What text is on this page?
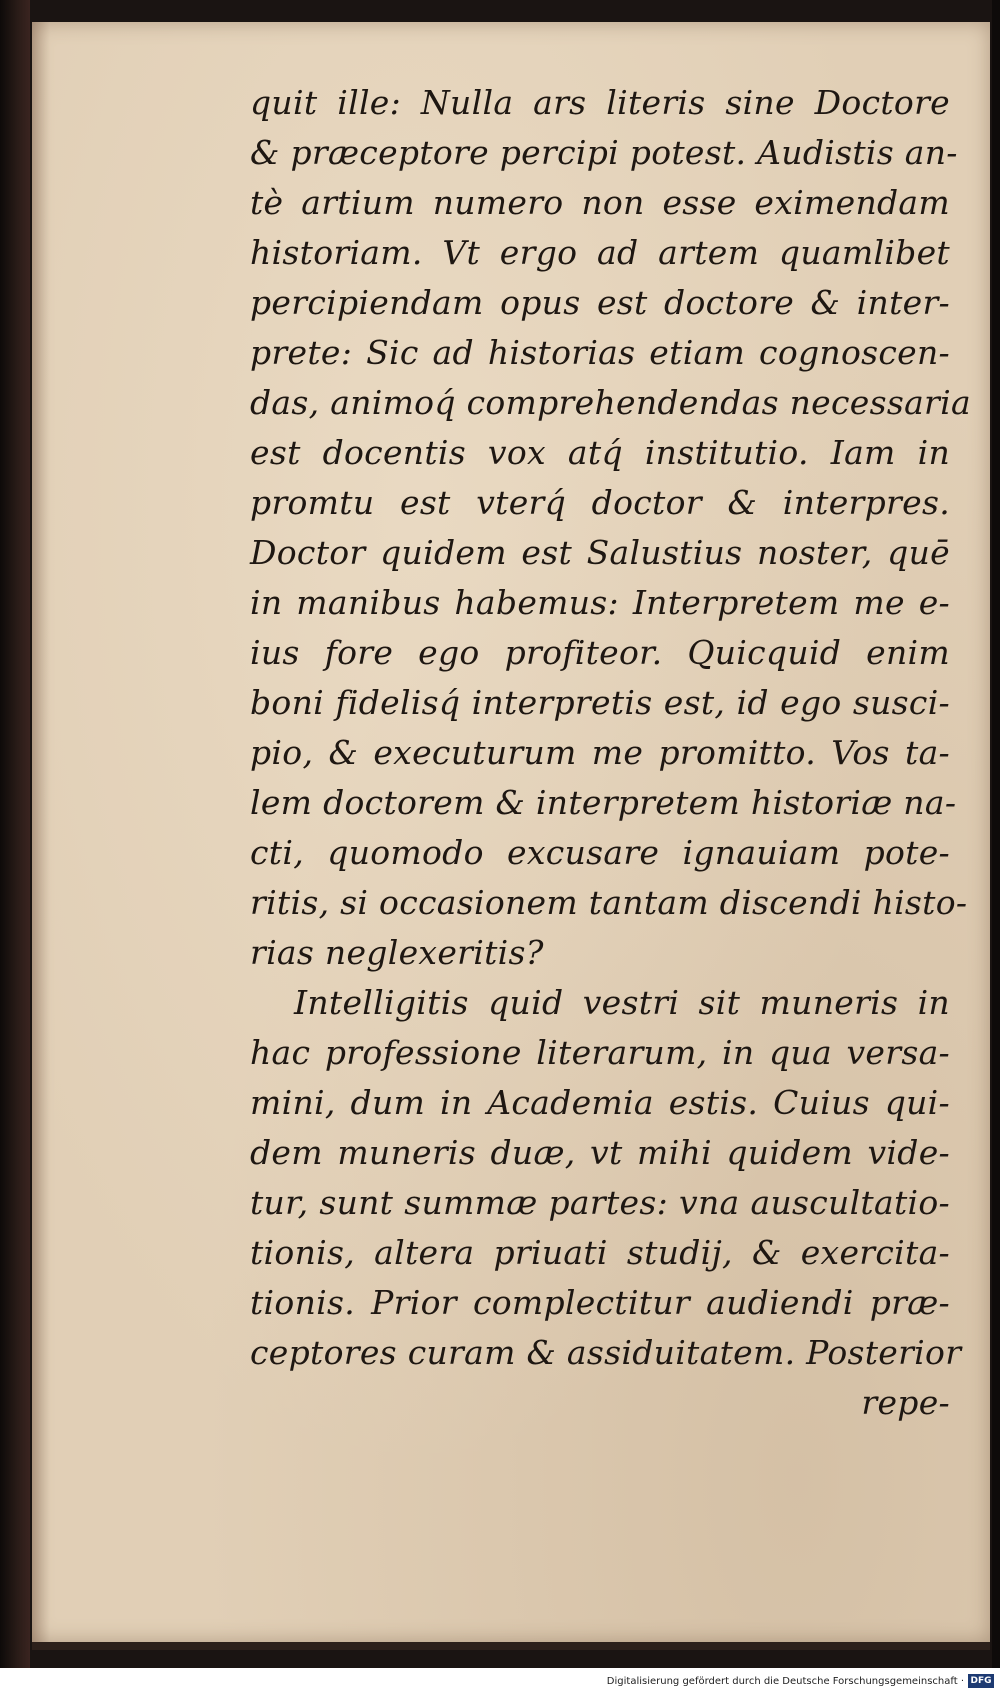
quit ille: Nulla ars literis sine Doctore
& præceptore percipi potest. Audistis an-
tè artium numero non esse eximendam
historiam. Vt ergo ad artem quamlibet
percipiendam opus est doctore & inter-
prete: Sic ad historias etiam cognoscen-
das, animoq́ comprehendendas necessaria
est docentis vox atq́ institutio. Iam in
promtu est vterq́ doctor & interpres.
Doctor quidem est Salustius noster, quē
in manibus habemus: Interpretem me e-
ius fore ego profiteor. Quicquid enim
boni fidelisq́ interpretis est, id ego susci-
pio, & executurum me promitto. Vos ta-
lem doctorem & interpretem historiæ na-
cti, quomodo excusare ignauiam pote-
ritis, si occasionem tantam discendi histo-
rias neglexeritis?
Intelligitis quid vestri sit muneris in
hac professione literarum, in qua versa-
mini, dum in Academia estis. Cuius qui-
dem muneris duæ, vt mihi quidem vide-
tur, sunt summæ partes: vna auscultatio-
tionis, altera priuati studij, & exercita-
tionis. Prior complectitur audiendi præ-
ceptores curam & assiduitatem. Posterior
repe-
Digitalisierung gefördert durch die Deutsche Forschungsgemeinschaft · DFG
